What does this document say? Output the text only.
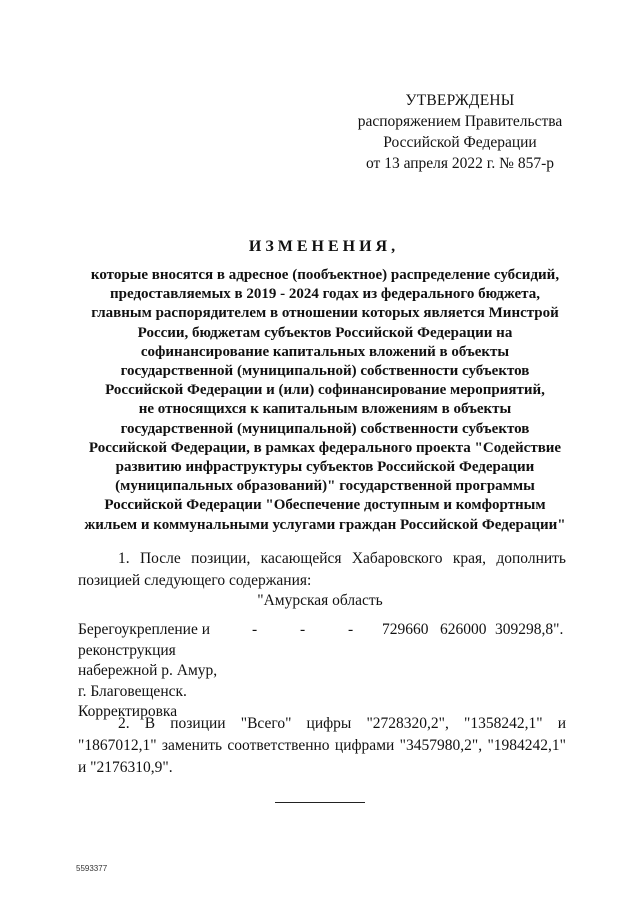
УТВЕРЖДЕНЫ
распоряжением Правительства
Российской Федерации
от 13 апреля 2022 г. № 857-р
ИЗМЕНЕНИЯ,
которые вносятся в адресное (пообъектное) распределение субсидий,
предоставляемых в 2019 - 2024 годах из федерального бюджета,
главным распорядителем в отношении которых является Минстрой
России, бюджетам субъектов Российской Федерации на
софинансирование капитальных вложений в объекты
государственной (муниципальной) собственности субъектов
Российской Федерации и (или) софинансирование мероприятий,
не относящихся к капитальным вложениям в объекты
государственной (муниципальной) собственности субъектов
Российской Федерации, в рамках федерального проекта "Содействие
развитию инфраструктуры субъектов Российской Федерации
(муниципальных образований)" государственной программы
Российской Федерации "Обеспечение доступным и комфортным
жильем и коммунальными услугами граждан Российской Федерации"
1. После позиции, касающейся Хабаровского края, дополнить позицией следующего содержания:
"Амурская область
Берегоукрепление и
реконструкция
набережной р. Амур,
г. Благовещенск.
Корректировка
-	-	- 729660 626000 309298,8".
2. В позиции "Всего" цифры "2728320,2", "1358242,1" и "1867012,1" заменить соответственно цифрами "3457980,2", "1984242,1" и "2176310,9".
5593377
